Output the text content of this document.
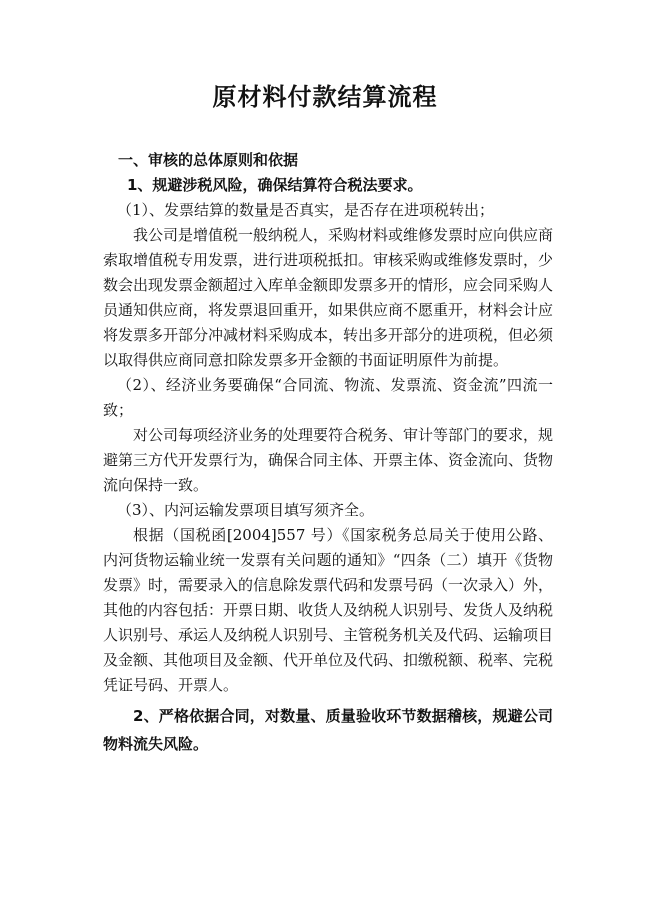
原材料付款结算流程

一、审核的总体原则和依据

1、规避涉税风险，确保结算符合税法要求。

（1）、发票结算的数量是否真实，是否存在进项税转出；

我公司是增值税一般纳税人，采购材料或维修发票时应向供应商索取增值税专用发票，进行进项税抵扣。审核采购或维修发票时，少数会出现发票金额超过入库单金额即发票多开的情形，应会同采购人员通知供应商，将发票退回重开，如果供应商不愿重开，材料会计应将发票多开部分冲减材料采购成本，转出多开部分的进项税，但必须以取得供应商同意扣除发票多开金额的书面证明原件为前提。

（2）、经济业务要确保“合同流、物流、发票流、资金流”四流一致；

对公司每项经济业务的处理要符合税务、审计等部门的要求，规避第三方代开发票行为，确保合同主体、开票主体、资金流向、货物流向保持一致。

（3）、内河运输发票项目填写须齐全。

根据（国税函[2004]557 号）《国家税务总局关于使用公路、内河货物运输业统一发票有关问题的通知》“四条（二）填开《货物发票》时，需要录入的信息除发票代码和发票号码（一次录入）外，其他的内容包括：开票日期、收货人及纳税人识别号、发货人及纳税人识别号、承运人及纳税人识别号、主管税务机关及代码、运输项目及金额、其他项目及金额、代开单位及代码、扣缴税额、税率、完税凭证号码、开票人。

2、严格依据合同，对数量、质量验收环节数据稽核，规避公司物料流失风险。
